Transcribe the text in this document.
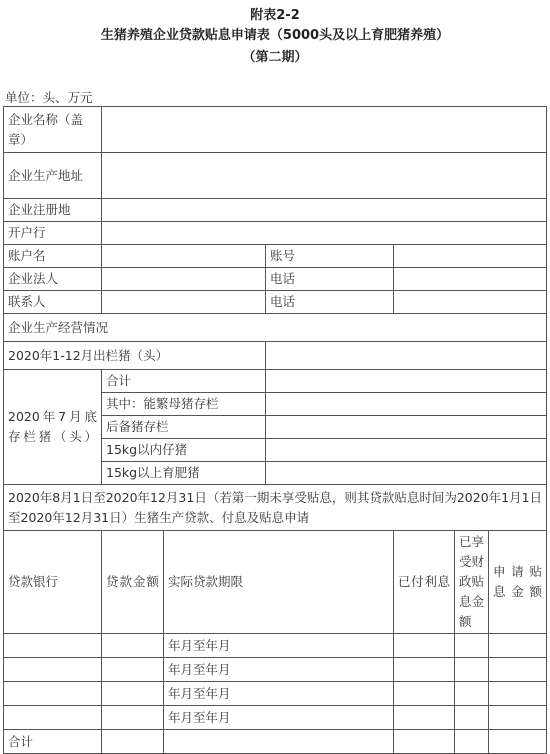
附表2-2
生猪养殖企业贷款贴息申请表（5000头及以上育肥猪养殖）
（第二期）
单位：头、万元
企业名称（盖章）						
企业生产地址						
企业注册地						
开户行						
账户名			账号			
企业法人			电话			
联系人			电话			
企业生产经营情况						
2020年1-12月出栏猪（头）						
2020年7月底存栏猪（头）	合计					
	其中：能繁母猪存栏					
	后备猪存栏					
	15kg以内仔猪					
	15kg以上育肥猪					
2020年8月1日至2020年12月31日（若第一期未享受贴息，则其贷款贴息时间为2020年1月1日至2020年12月31日）生猪生产贷款、付息及贴息申请						
贷款银行	贷款金额	实际贷款期限		已付利息	已享受财政贴息金额	申请贴息金额
		年月至年月				
		年月至年月				
		年月至年月				
		年月至年月				
合计						
